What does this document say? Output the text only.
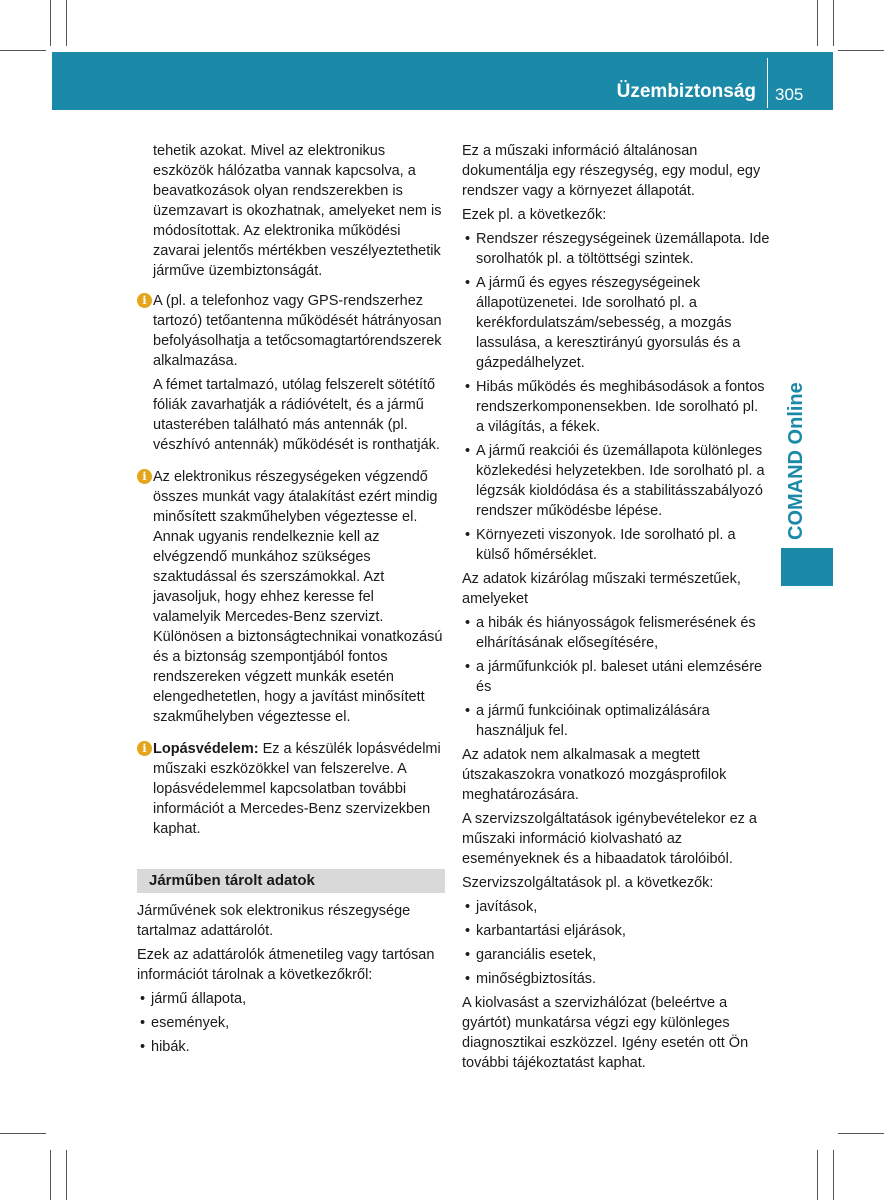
Üzembiztonság 305
COMAND Online

tehetik azokat. Mivel az elektronikus eszközök hálózatba vannak kapcsolva, a beavatkozások olyan rendszerekben is üzemzavart is okozhatnak, amelyeket nem is módosítottak. Az elektronika működési zavarai jelentős mértékben veszélyeztethetik járműve üzembiztonságát.

i A (pl. a telefonhoz vagy GPS-rendszerhez tartozó) tetőantenna működését hátrányosan befolyásolhatja a tetőcsomagtartórendszerek alkalmazása.

A fémet tartalmazó, utólag felszerelt sötétítő fóliák zavarhatják a rádióvételt, és a jármű utasterében található más antennák (pl. vészhívó antennák) működését is ronthatják.

i Az elektronikus részegységeken végzendő összes munkát vagy átalakítást ezért mindig minősített szakműhelyben végeztesse el. Annak ugyanis rendelkeznie kell az elvégzendő munkához szükséges szaktudással és szerszámokkal. Azt javasoljuk, hogy ehhez keresse fel valamelyik Mercedes-Benz szervizt. Különösen a biztonságtechnikai vonatkozású és a biztonság szempontjából fontos rendszereken végzett munkák esetén elengedhetetlen, hogy a javítást minősített szakműhelyben végeztesse el.

i Lopásvédelem: Ez a készülék lopásvédelmi műszaki eszközökkel van felszerelve. A lopásvédelemmel kapcsolatban további információt a Mercedes-Benz szervizekben kaphat.

Járműben tárolt adatok

Járművének sok elektronikus részegysége tartalmaz adattárolót.

Ezek az adattárolók átmenetileg vagy tartósan információt tárolnak a következőkről:

• jármű állapota,
• események,
• hibák.

Ez a műszaki információ általánosan dokumentálja egy részegység, egy modul, egy rendszer vagy a környezet állapotát.

Ezek pl. a következők:

• Rendszer részegységeinek üzemállapota. Ide sorolhatók pl. a töltöttségi szintek.
• A jármű és egyes részegységeinek állapotüzenetei. Ide sorolható pl. a kerékfordulatszám/sebesség, a mozgás lassulása, a keresztirányú gyorsulás és a gázpedálhelyzet.
• Hibás működés és meghibásodások a fontos rendszerkomponensekben. Ide sorolható pl. a világítás, a fékek.
• A jármű reakciói és üzemállapota különleges közlekedési helyzetekben. Ide sorolható pl. a légzsák kioldódása és a stabilitásszabályozó rendszer működésbe lépése.
• Környezeti viszonyok. Ide sorolható pl. a külső hőmérséklet.

Az adatok kizárólag műszaki természetűek, amelyeket

• a hibák és hiányosságok felismerésének és elhárításának elősegítésére,
• a járműfunkciók pl. baleset utáni elemzésére és
• a jármű funkcióinak optimalizálására használjuk fel.

Az adatok nem alkalmasak a megtett útszakaszokra vonatkozó mozgásprofilok meghatározására.

A szervizszolgáltatások igénybevételekor ez a műszaki információ kiolvasható az eseményeknek és a hibaadatok tárolóiból.

Szervizszolgáltatások pl. a következők:

• javítások,
• karbantartási eljárások,
• garanciális esetek,
• minőségbiztosítás.

A kiolvasást a szervizhálózat (beleértve a gyártót) munkatársa végzi egy különleges diagnosztikai eszközzel. Igény esetén ott Ön további tájékoztatást kaphat.
